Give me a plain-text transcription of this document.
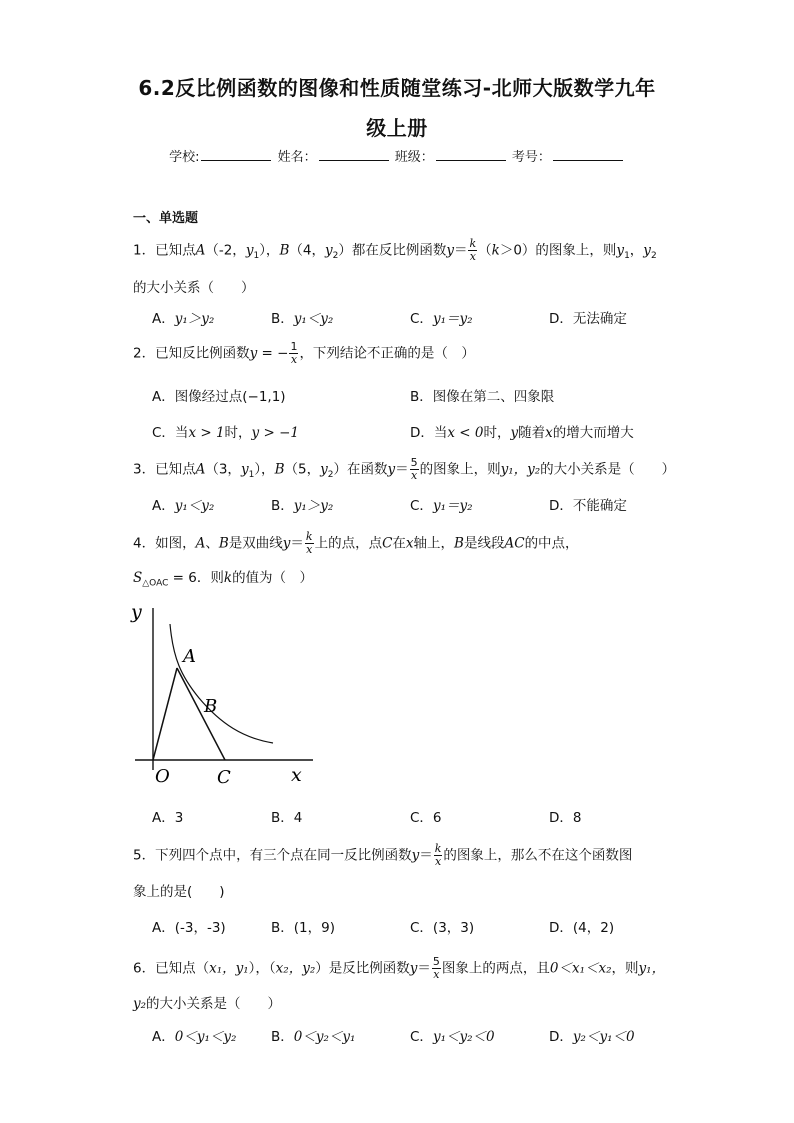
6.2反比例函数的图像和性质随堂练习-北师大版数学九年
级上册
学校:	姓名：	班级：	考号：
一、单选题
1．已知点A（-2，$y_1$），B（4，$y_2$）都在反比例函数$y= \frac{k}{x} (k>0)$的图象上，则$y_1$，$y_2$
的大小关系（　　）
A．y₁＞y₂	B．y₁＜y₂	C．y₁＝y₂	D．无法确定
2．已知反比例函数y = − $\frac{1}{x}$ ，下列结论不正确的是（　）
A．图像经过点(−1,1)	B．图像在第二、四象限
C．当x > 1时，y > −1	D．当x < 0时，y随着x的增大而增大
3．已知点A（3，$y_1$），B（5，$y_2$）在函数$y= \frac{5}{x}$ 的图象上，则y₁，y₂的大小关系是（　　）
A．y₁＜y₂	B．y₁＞y₂	C．y₁＝y₂	D．不能确定
4．如图，A、B是双曲线$y= \frac{k}{x}$ 上的点，点C在x轴上，B是线段AC的中点，
$S_{\triangle OAC} = 6$．则k的值为（　）
y
x
O
A
B
C
A．3	B．4	C．6	D．8
5．下列四个点中，有三个点在同一反比例函数$y= \frac{k}{x}$ 的图象上，那么不在这个函数图
象上的是(　　)
A．(-3，-3)	B．(1，9)	C．(3，3)	D．(4，2)
6．已知点（x₁，y₁），（x₂，y₂）是反比例函数$y= \frac{5}{x}$ 图象上的两点，且0＜x₁＜x₂，则y₁，
y₂的大小关系是（　　）
A．0＜y₁＜y₂	B．0＜y₂＜y₁	C．y₁＜y₂＜0	D．y₂＜y₁＜0
